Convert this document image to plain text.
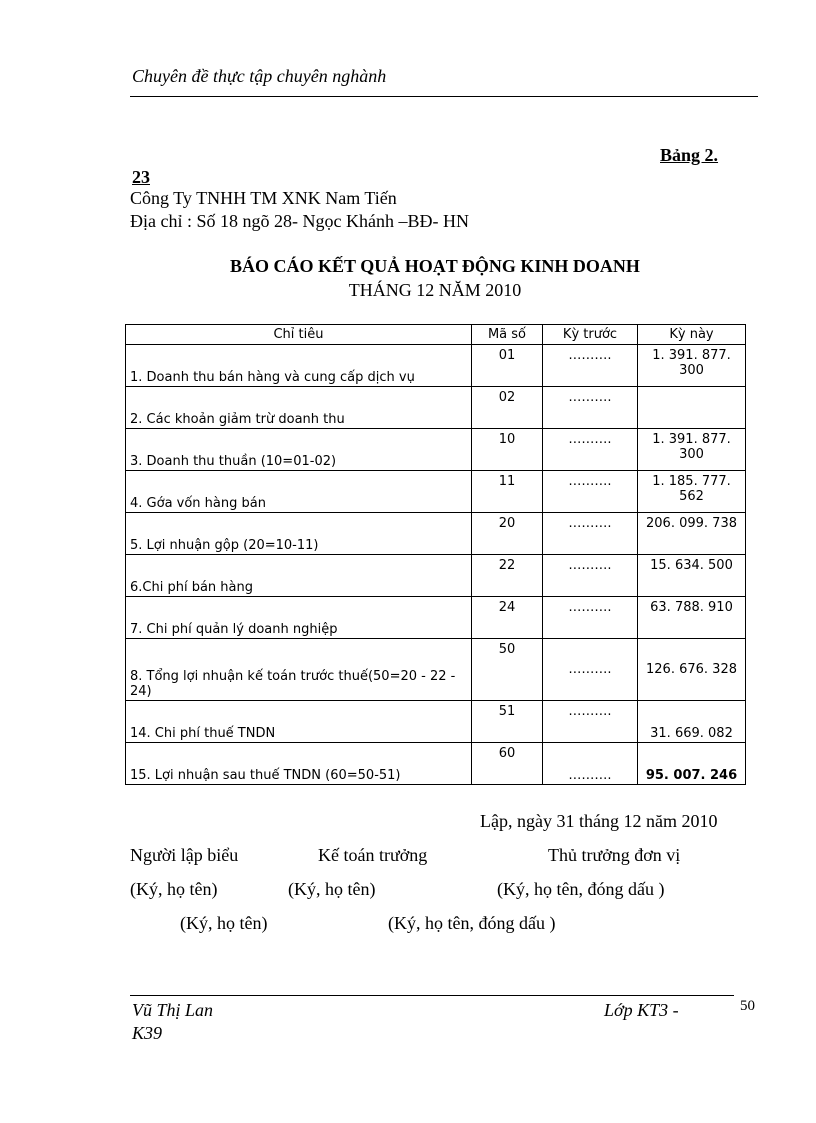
Chuyên đề thực tập chuyên nghành
Bảng 2.
23
Công Ty TNHH TM XNK Nam Tiến
Địa chỉ : Số 18 ngõ 28- Ngọc Khánh –BĐ- HN
BÁO CÁO KẾT QUẢ HOẠT ĐỘNG KINH DOANH
THÁNG 12 NĂM 2010
Chỉ tiêu	Mã số	Kỳ trước	Kỳ này
1. Doanh thu bán hàng và cung cấp dịch vụ	01	……….	1. 391. 877. 300
2. Các khoản giảm trừ doanh thu	02	……….	
3. Doanh thu thuần (10=01-02)	10	……….	1. 391. 877. 300
4. Gớa vốn hàng bán	11	……….	1. 185. 777. 562
5. Lợi nhuận gộp (20=10-11)	20	……….	206. 099. 738
6.Chi phí bán hàng	22	……….	15. 634. 500
7. Chi phí quản lý doanh nghiệp	24	……….	63. 788. 910
8. Tổng lợi nhuận kế toán trước thuế(50=20 - 22 - 24)	50	……….	126. 676. 328
14. Chi phí thuế TNDN	51	……….	31. 669. 082
15. Lợi nhuận sau thuế TNDN (60=50-51)	60	……….	95. 007. 246
Lập, ngày 31 tháng 12 năm 2010
Người lập biểu	Kế toán trưởng	Thủ trưởng đơn vị
(Ký, họ tên)	(Ký, họ tên)	(Ký, họ tên, đóng dấu )
(Ký, họ tên)	(Ký, họ tên, đóng dấu )
Vũ Thị Lan	Lớp KT3 -
K39
50
